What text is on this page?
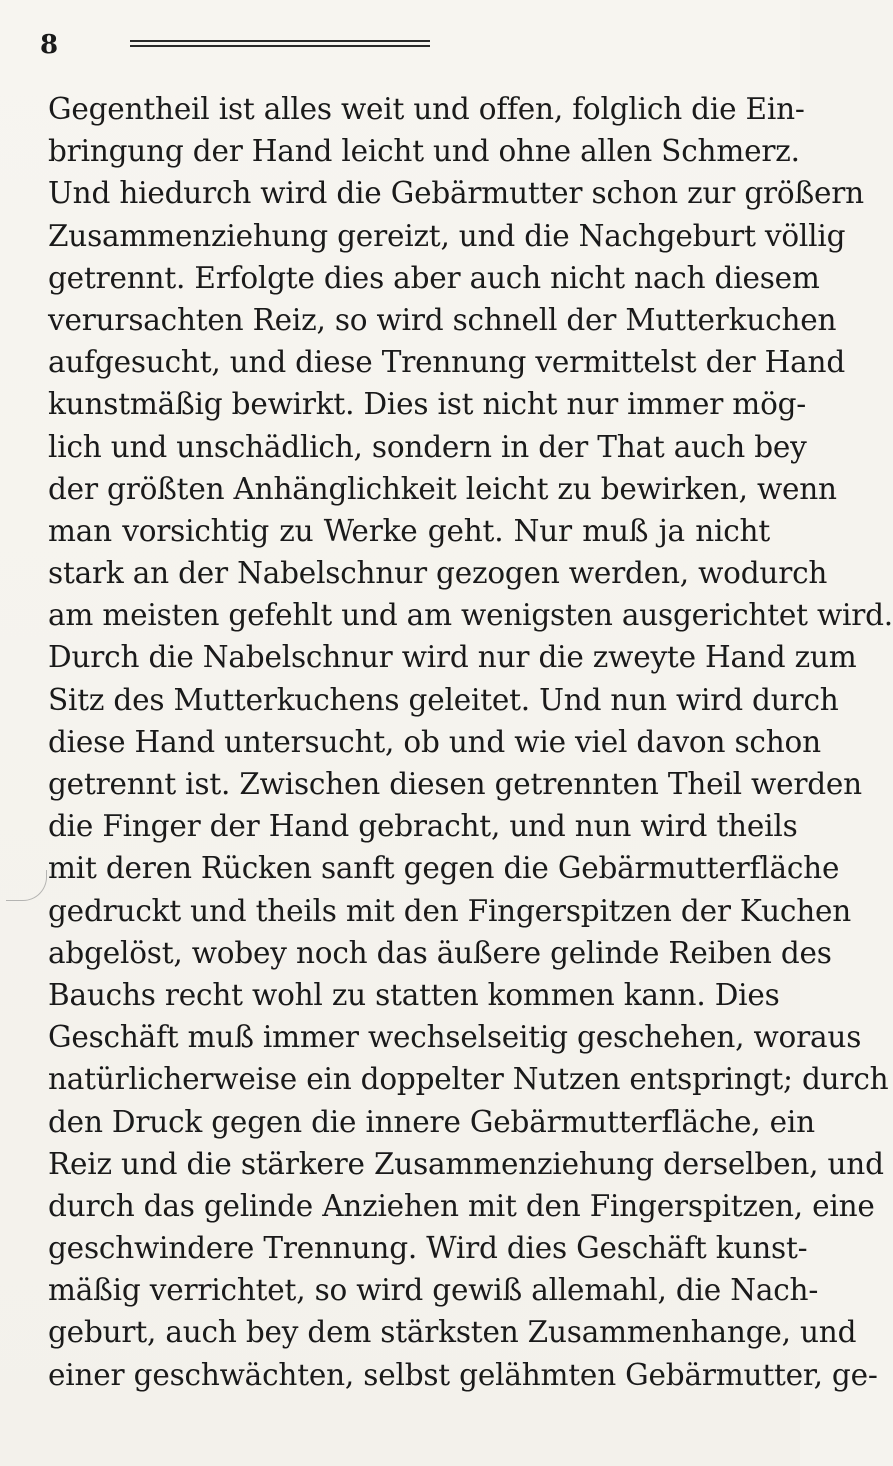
8
Gegentheil ist alles weit und offen, folglich die Ein-
bringung der Hand leicht und ohne allen Schmerz.
Und hiedurch wird die Gebärmutter schon zur größern
Zusammenziehung gereizt, und die Nachgeburt völlig
getrennt. Erfolgte dies aber auch nicht nach diesem
verursachten Reiz, so wird schnell der Mutterkuchen
aufgesucht, und diese Trennung vermittelst der Hand
kunstmäßig bewirkt. Dies ist nicht nur immer mög-
lich und unschädlich, sondern in der That auch bey
der größten Anhänglichkeit leicht zu bewirken, wenn
man vorsichtig zu Werke geht. Nur muß ja nicht
stark an der Nabelschnur gezogen werden, wodurch
am meisten gefehlt und am wenigsten ausgerichtet wird.
Durch die Nabelschnur wird nur die zweyte Hand zum
Sitz des Mutterkuchens geleitet. Und nun wird durch
diese Hand untersucht, ob und wie viel davon schon
getrennt ist. Zwischen diesen getrennten Theil werden
die Finger der Hand gebracht, und nun wird theils
mit deren Rücken sanft gegen die Gebärmutterfläche
gedruckt und theils mit den Fingerspitzen der Kuchen
abgelöst, wobey noch das äußere gelinde Reiben des
Bauchs recht wohl zu statten kommen kann. Dies
Geschäft muß immer wechselseitig geschehen, woraus
natürlicherweise ein doppelter Nutzen entspringt; durch
den Druck gegen die innere Gebärmutterfläche, ein
Reiz und die stärkere Zusammenziehung derselben, und
durch das gelinde Anziehen mit den Fingerspitzen, eine
geschwindere Trennung. Wird dies Geschäft kunst-
mäßig verrichtet, so wird gewiß allemahl, die Nach-
geburt, auch bey dem stärksten Zusammenhange, und
einer geschwächten, selbst gelähmten Gebärmutter, ge-
